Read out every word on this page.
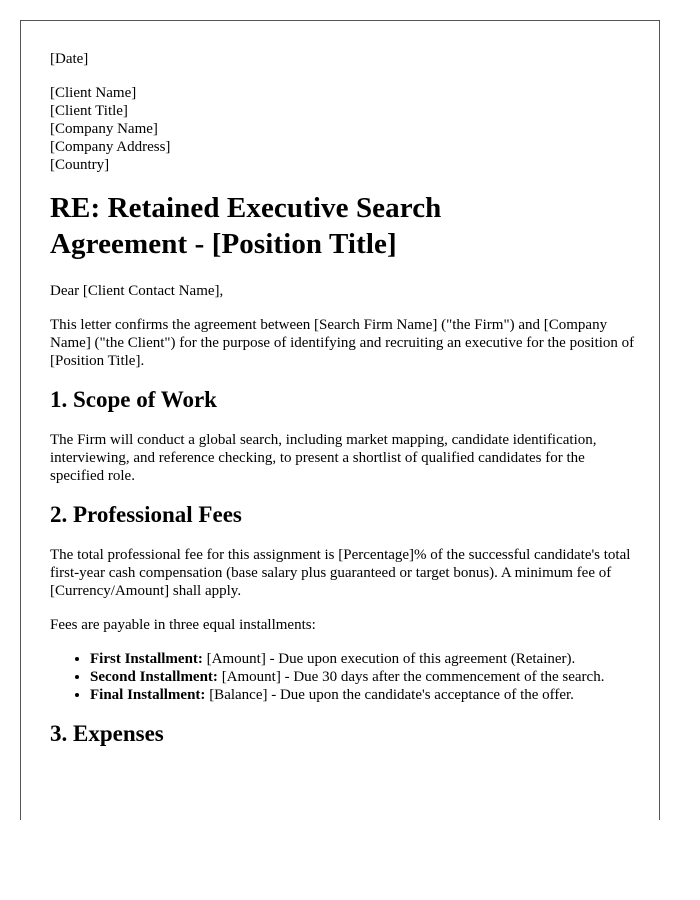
[Date]

[Client Name]

[Client Title]

[Company Name]

[Company Address]

[Country]

RE: Retained Executive Search
Agreement - [Position Title]

Dear [Client Contact Name],

This letter confirms the agreement between [Search Firm Name] ("the Firm") and [Company Name] ("the Client") for the purpose of identifying and recruiting an executive for the position of [Position Title].

1. Scope of Work

The Firm will conduct a global search, including market mapping, candidate identification, interviewing, and reference checking, to present a shortlist of qualified candidates for the specified role.

2. Professional Fees

The total professional fee for this assignment is [Percentage]% of the successful candidate's total first-year cash compensation (base salary plus guaranteed or target bonus). A minimum fee of [Currency/Amount] shall apply.

Fees are payable in three equal installments:

• First Installment: [Amount] - Due upon execution of this agreement (Retainer).
• Second Installment: [Amount] - Due 30 days after the commencement of the search.
• Final Installment: [Balance] - Due upon the candidate's acceptance of the offer.
3. Expenses
